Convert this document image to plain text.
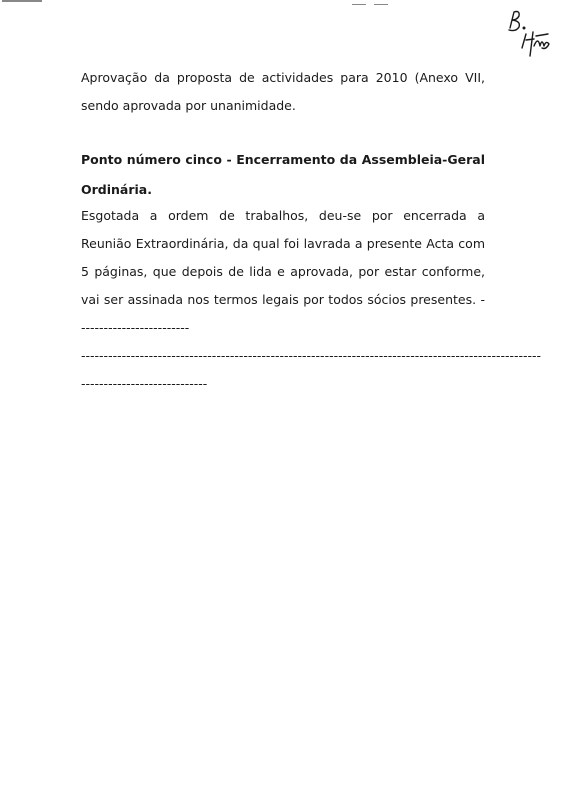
Aprovação da proposta de actividades para 2010 (Anexo VII, sendo aprovada por unanimidade.

Ponto número cinco - Encerramento da Assembleia-Geral

Ordinária.

Esgotada a ordem de trabalhos, deu-se por encerrada a Reunião Extraordinária, da qual foi lavrada a presente Acta com 5 páginas, que depois de lida e aprovada, por estar conforme, vai ser assinada nos termos legais por todos sócios presentes. -------------------------

------------------------------------------------------------------------------------------------------
----------------------------
